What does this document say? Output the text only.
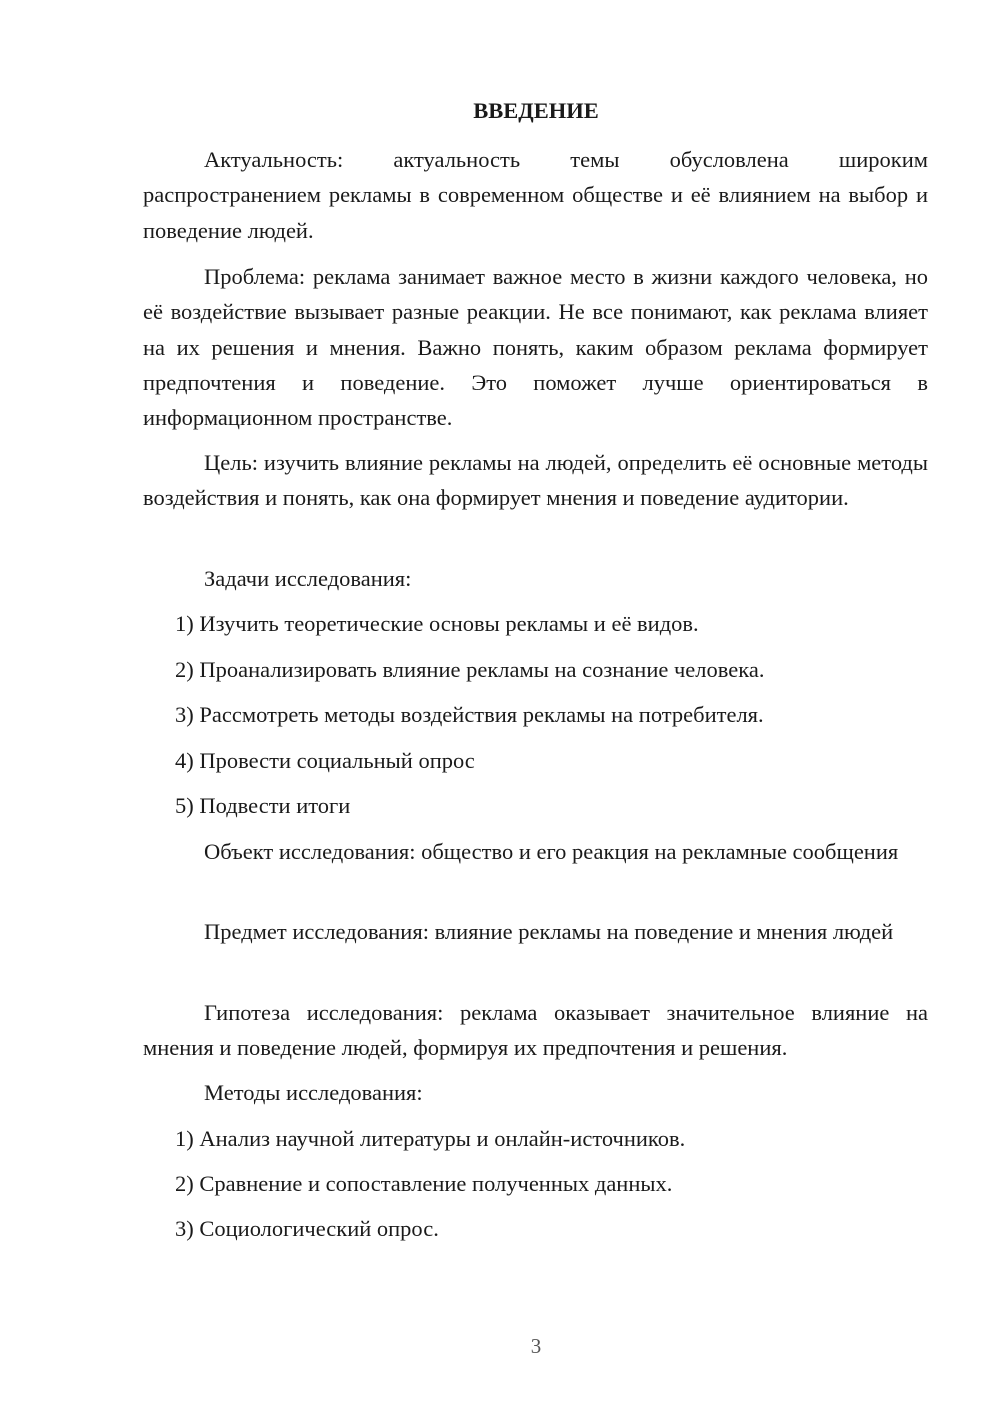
ВВЕДЕНИЕ
Актуальность: актуальность темы обусловлена широким распространением рекламы в современном обществе и её влиянием на выбор и поведение людей.
Проблема: реклама занимает важное место в жизни каждого человека, но её воздействие вызывает разные реакции. Не все понимают, как реклама влияет на их решения и мнения. Важно понять, каким образом реклама формирует предпочтения и поведение. Это поможет лучше ориентироваться в информационном пространстве.
Цель: изучить влияние рекламы на людей, определить её основные методы воздействия и понять, как она формирует мнения и поведение аудитории.
Задачи исследования:
1) Изучить теоретические основы рекламы и её видов.
2) Проанализировать влияние рекламы на сознание человека.
3) Рассмотреть методы воздействия рекламы на потребителя.
4) Провести социальный опрос
5) Подвести итоги
Объект исследования: общество и его реакция на рекламные сообщения
Предмет исследования: влияние рекламы на поведение и мнения людей
Гипотеза исследования: реклама оказывает значительное влияние на мнения и поведение людей, формируя их предпочтения и решения.
Методы исследования:
1) Анализ научной литературы и онлайн-источников.
2) Сравнение и сопоставление полученных данных.
3) Социологический опрос.
3
